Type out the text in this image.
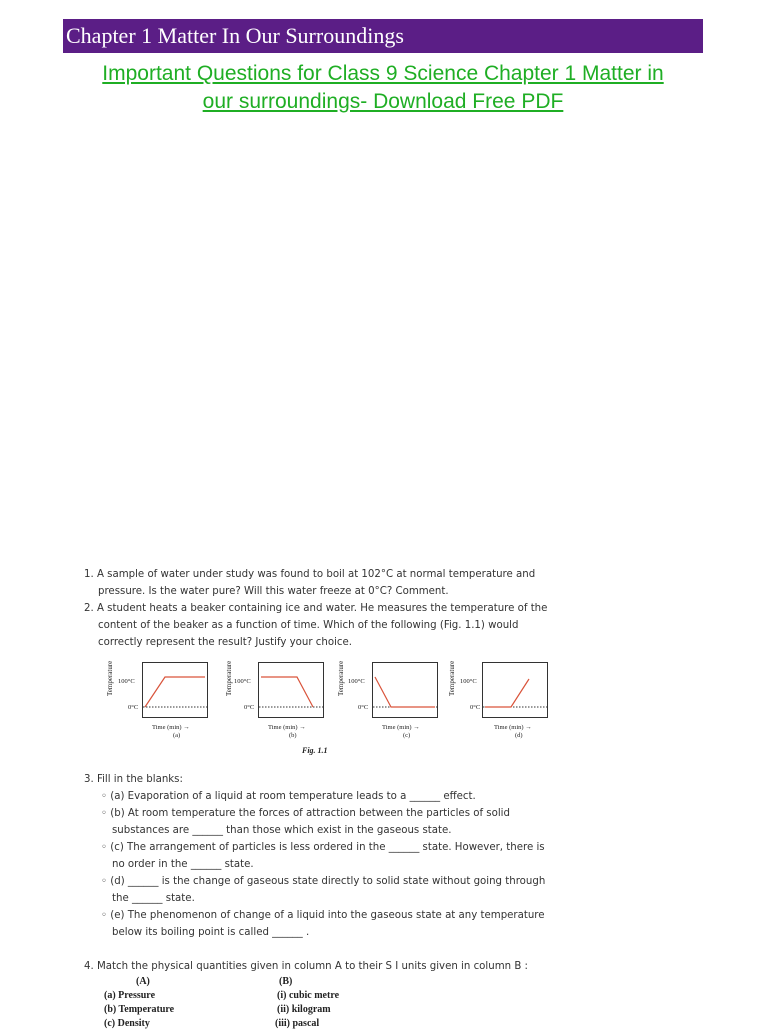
Chapter 1 Matter In Our Surroundings
Important Questions for Class 9 Science Chapter 1 Matter in
our surroundings- Download Free PDF
1. A sample of water under study was found to boil at 102°C at normal temperature and
pressure. Is the water pure? Will this water freeze at 0°C? Comment.
2. A student heats a beaker containing ice and water. He measures the temperature of the
content of the beaker as a function of time. Which of the following (Fig. 1.1) would
correctly represent the result? Justify your choice.
Temperature 100°C
0°C
Time (min) →
(a)
Temperature 100°C
0°C
Time (min) →
(b)
Temperature 100°C
0°C
Time (min) →
(c)
Temperature 100°C
0°C
Time (min) →
(d)
Fig. 1.1
3. Fill in the blanks:
◦ (a) Evaporation of a liquid at room temperature leads to a ______ effect.
◦ (b) At room temperature the forces of attraction between the particles of solid
substances are ______ than those which exist in the gaseous state.
◦ (c) The arrangement of particles is less ordered in the ______ state. However, there is
no order in the ______ state.
◦ (d) ______ is the change of gaseous state directly to solid state without going through
the ______ state.
◦ (e) The phenomenon of change of a liquid into the gaseous state at any temperature
below its boiling point is called ______ .
4. Match the physical quantities given in column A to their S I units given in column B :
(A)	(B)
(a) Pressure	(i) cubic metre
(b) Temperature	(ii) kilogram
(c) Density	(iii) pascal
